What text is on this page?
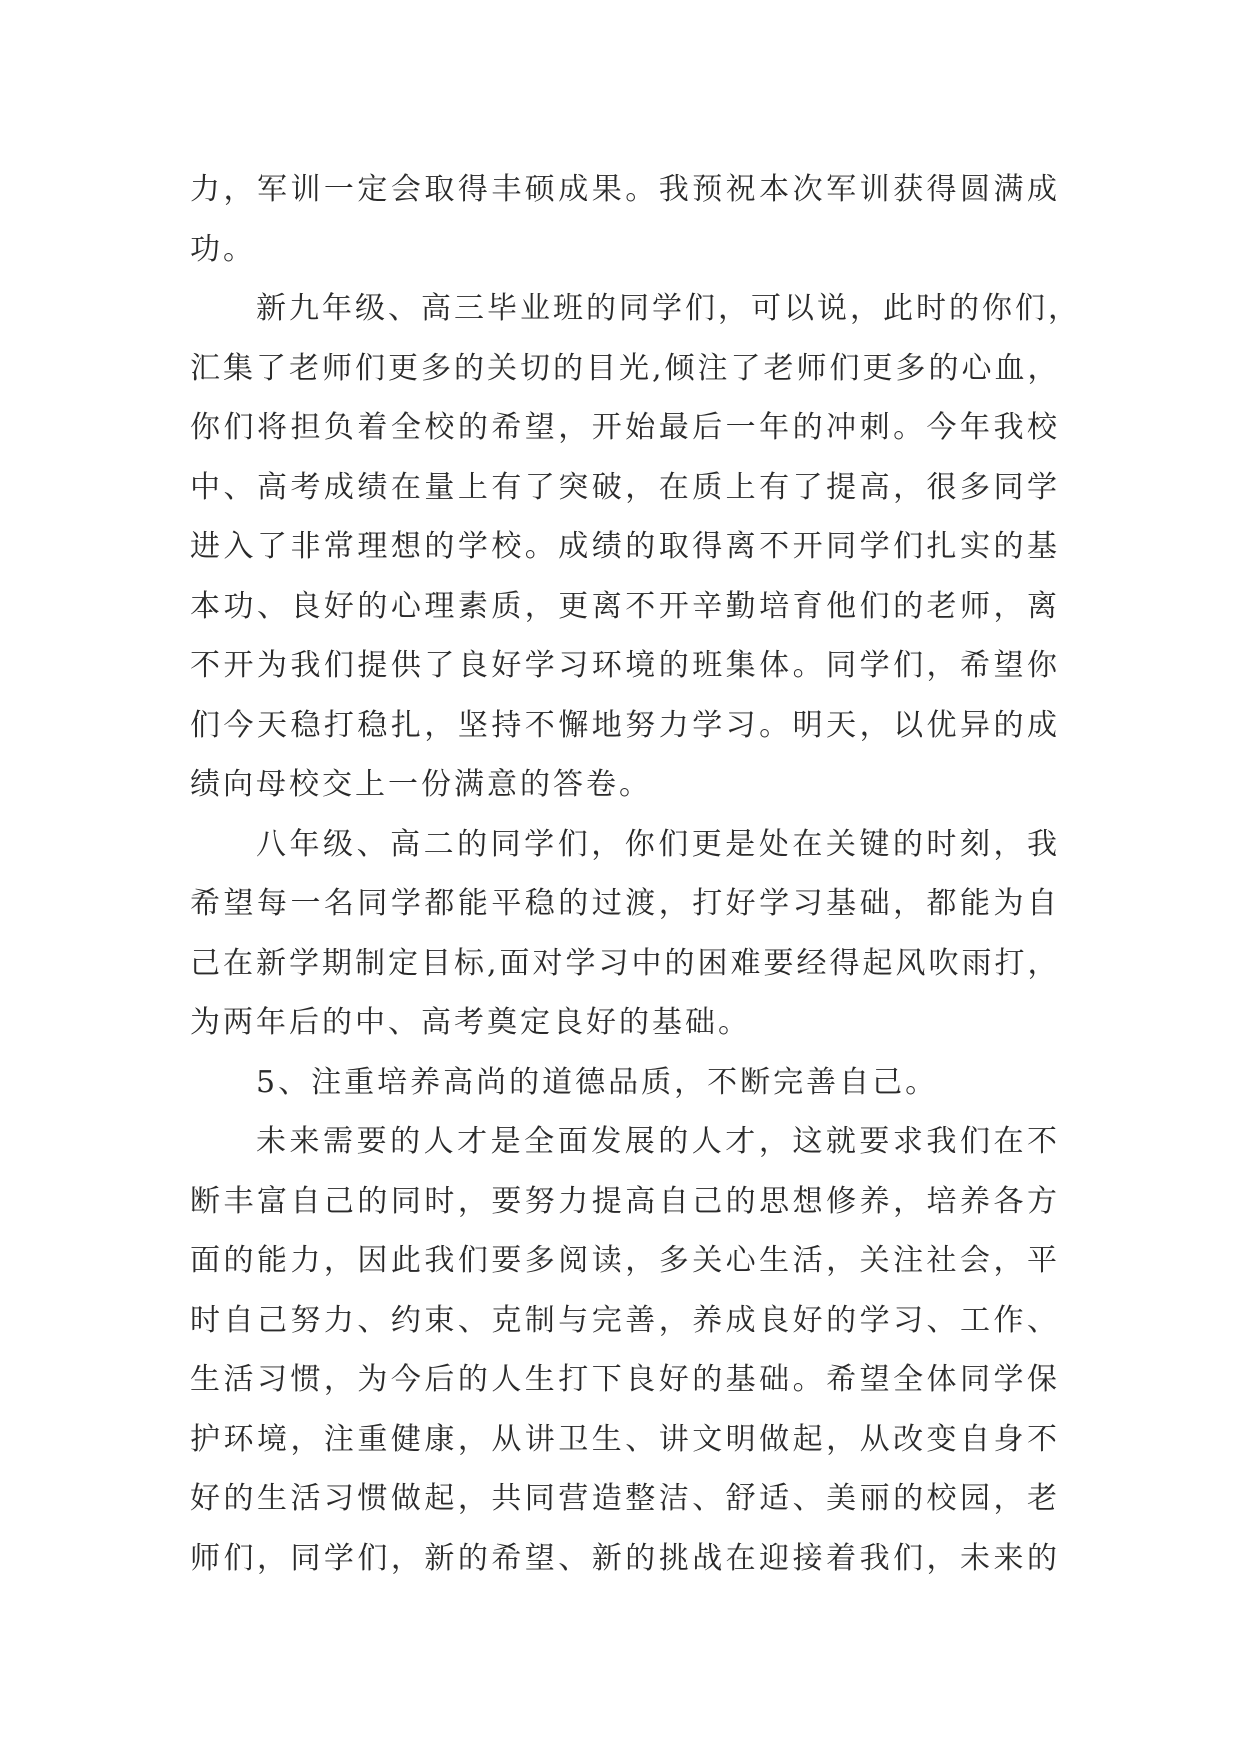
力，军训一定会取得丰硕成果。我预祝本次军训获得圆满成
功。
新九年级、高三毕业班的同学们，可以说，此时的你们，
汇集了老师们更多的关切的目光,倾注了老师们更多的心血，
你们将担负着全校的希望，开始最后一年的冲刺。今年我校
中、高考成绩在量上有了突破，在质上有了提高，很多同学
进入了非常理想的学校。成绩的取得离不开同学们扎实的基
本功、良好的心理素质，更离不开辛勤培育他们的老师，离
不开为我们提供了良好学习环境的班集体。同学们，希望你
们今天稳打稳扎，坚持不懈地努力学习。明天，以优异的成
绩向母校交上一份满意的答卷。
八年级、高二的同学们，你们更是处在关键的时刻，我
希望每一名同学都能平稳的过渡，打好学习基础，都能为自
己在新学期制定目标,面对学习中的困难要经得起风吹雨打，
为两年后的中、高考奠定良好的基础。
5、注重培养高尚的道德品质，不断完善自己。
未来需要的人才是全面发展的人才，这就要求我们在不
断丰富自己的同时，要努力提高自己的思想修养，培养各方
面的能力，因此我们要多阅读，多关心生活，关注社会，平
时自己努力、约束、克制与完善，养成良好的学习、工作、
生活习惯，为今后的人生打下良好的基础。希望全体同学保
护环境，注重健康，从讲卫生、讲文明做起，从改变自身不
好的生活习惯做起，共同营造整洁、舒适、美丽的校园，老
师们，同学们，新的希望、新的挑战在迎接着我们，未来的
